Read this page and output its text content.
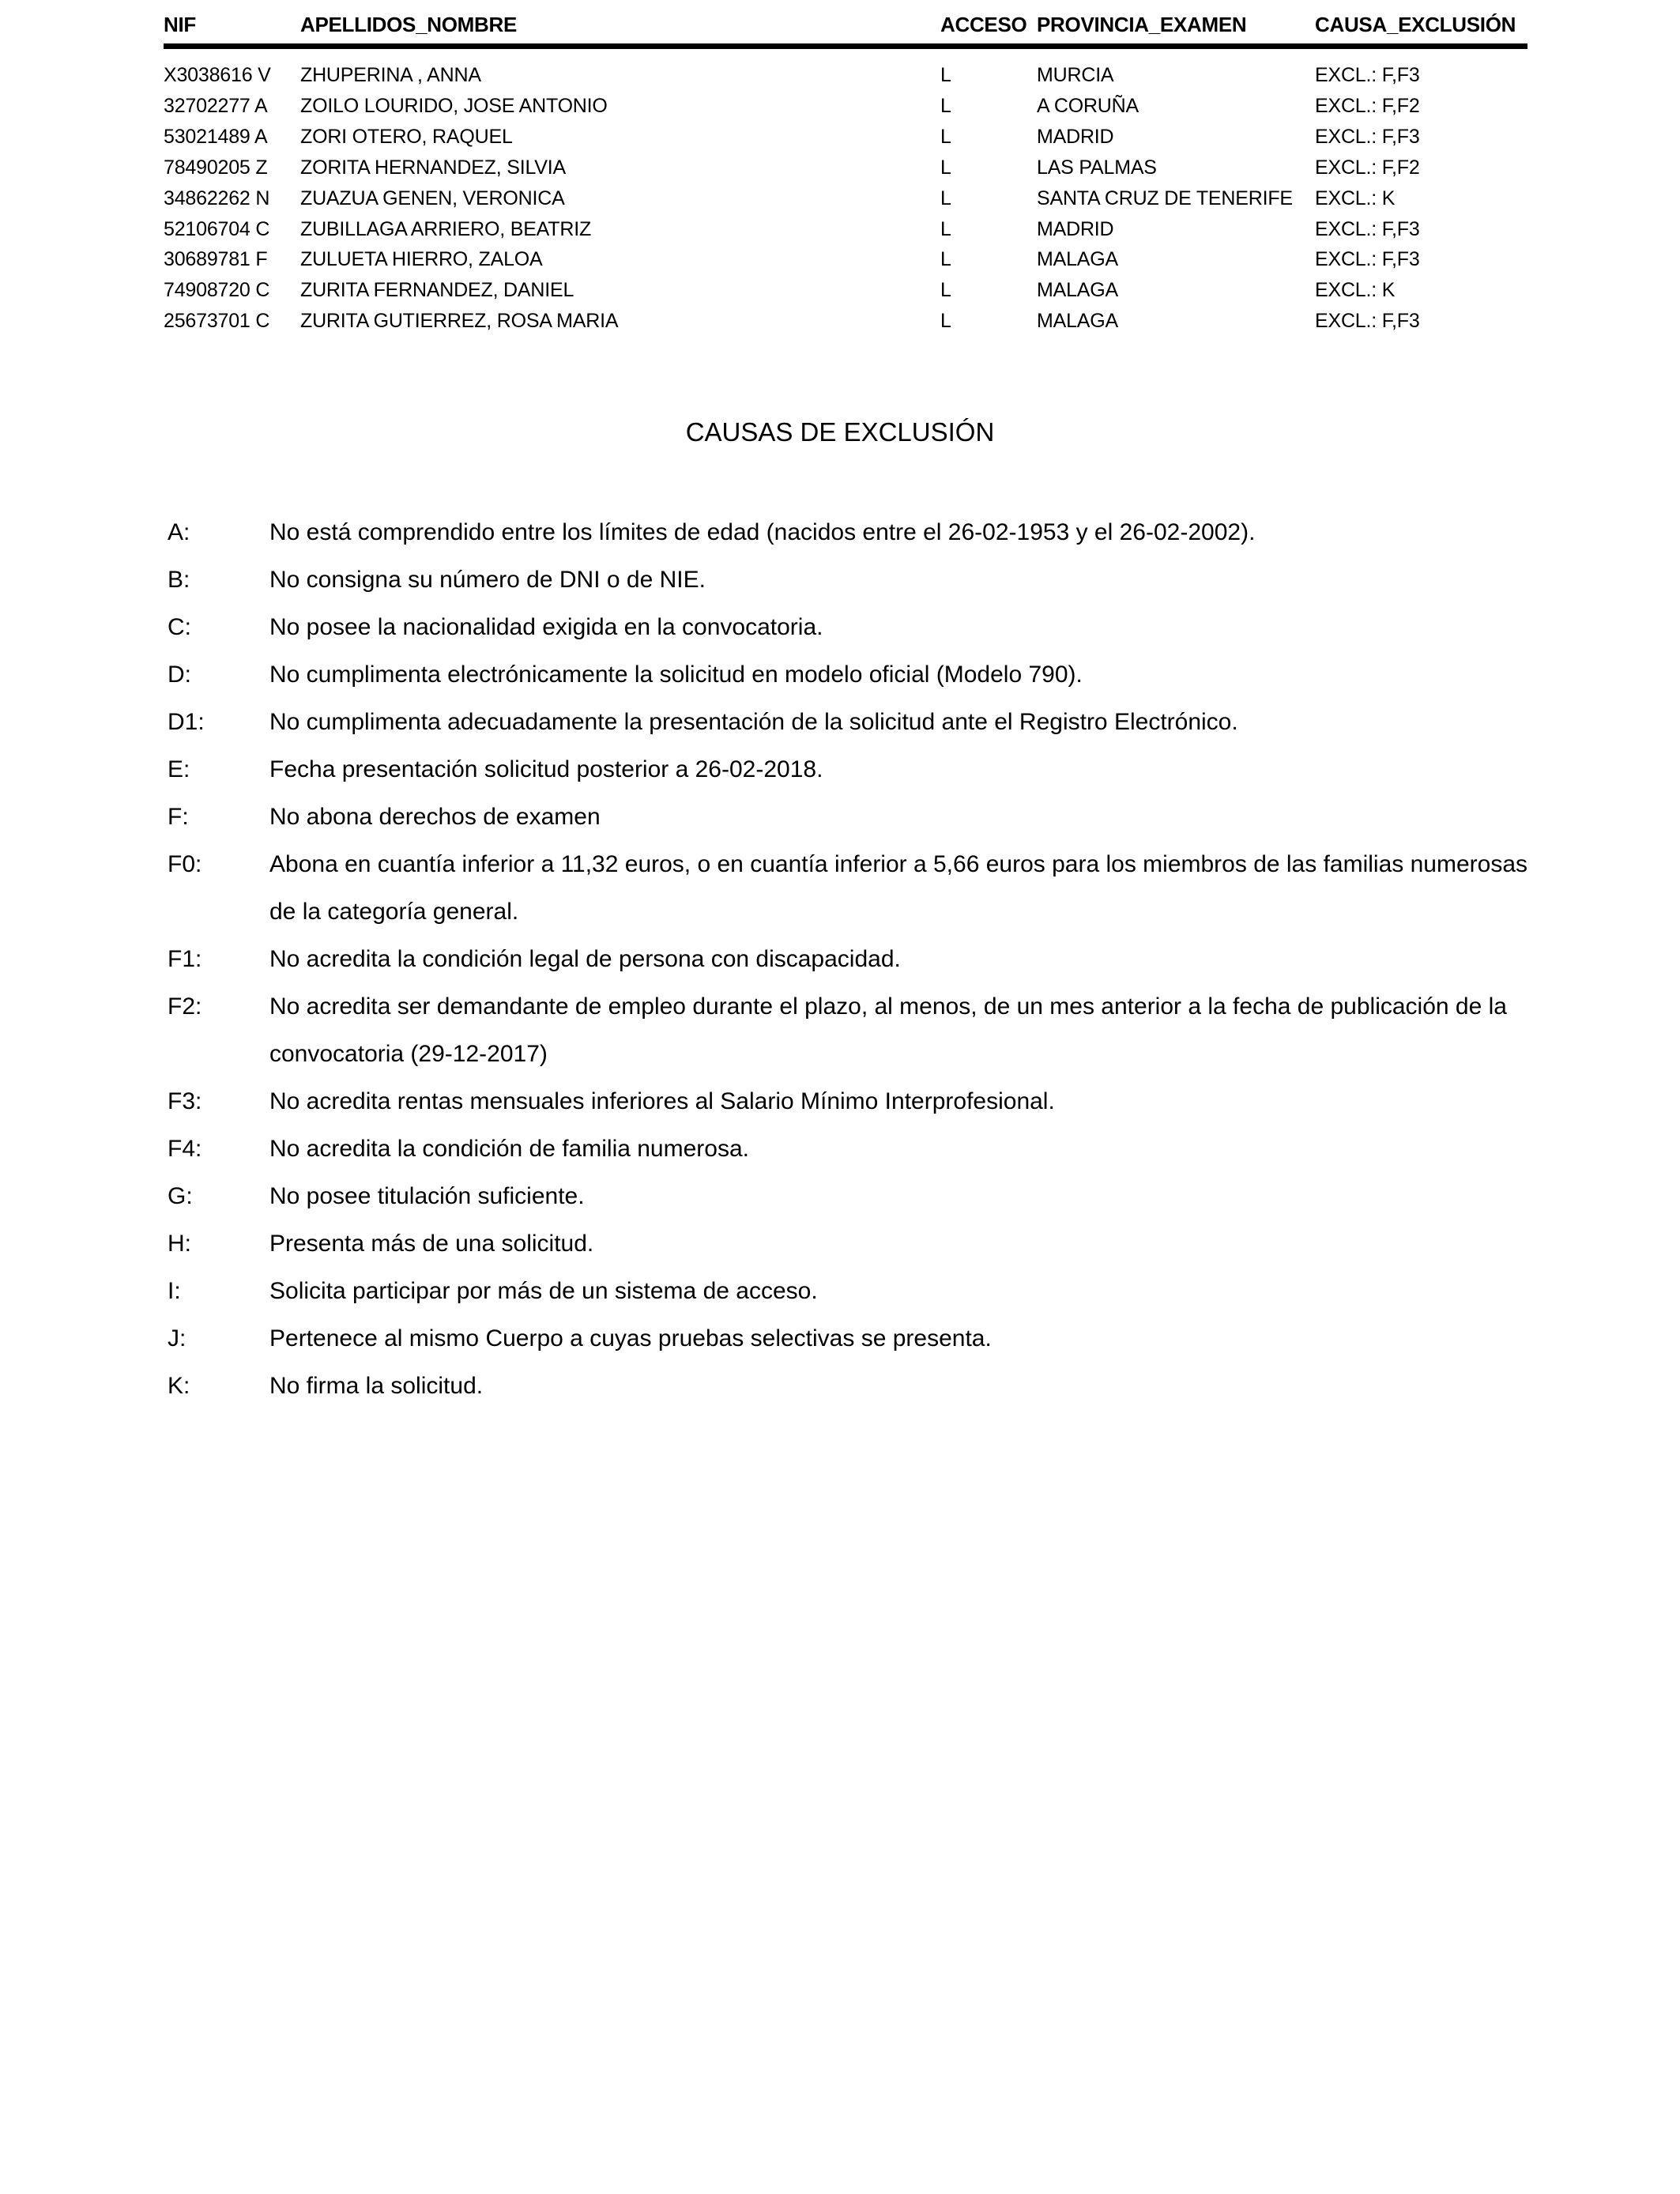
NIF	APELLIDOS_NOMBRE	ACCESO PROVINCIA_EXAMEN	CAUSA_EXCLUSIÓN
X3038616 V	ZHUPERINA , ANNA	L	MURCIA	EXCL.: F,F3
32702277 A	ZOILO LOURIDO, JOSE ANTONIO	L	A CORUÑA	EXCL.: F,F2
53021489 A	ZORI OTERO, RAQUEL	L	MADRID	EXCL.: F,F3
78490205 Z	ZORITA HERNANDEZ, SILVIA	L	LAS PALMAS	EXCL.: F,F2
34862262 N	ZUAZUA GENEN, VERONICA	L	SANTA CRUZ DE TENERIFE	EXCL.: K
52106704 C	ZUBILLAGA ARRIERO, BEATRIZ	L	MADRID	EXCL.: F,F3
30689781 F	ZULUETA HIERRO, ZALOA	L	MALAGA	EXCL.: F,F3
74908720 C	ZURITA FERNANDEZ, DANIEL	L	MALAGA	EXCL.: K
25673701 C	ZURITA GUTIERREZ, ROSA MARIA	L	MALAGA	EXCL.: F,F3
CAUSAS DE EXCLUSIÓN
A:	No está comprendido entre los límites de edad (nacidos entre el 26-02-1953 y el 26-02-2002).
B:	No consigna su número de DNI o de NIE.
C:	No posee la nacionalidad exigida en la convocatoria.
D:	No cumplimenta electrónicamente la solicitud en modelo oficial (Modelo 790).
D1:	No cumplimenta adecuadamente la presentación de la solicitud ante el Registro Electrónico.
E:	Fecha presentación solicitud posterior a 26-02-2018.
F:	No abona derechos de examen
F0:	Abona en cuantía inferior a 11,32 euros, o en cuantía inferior a 5,66 euros para los miembros de las familias numerosas de la categoría general.
F1:	No acredita la condición legal de persona con discapacidad.
F2:	No acredita ser demandante de empleo durante el plazo, al menos, de un mes anterior a la fecha de publicación de la convocatoria (29-12-2017)
F3:	No acredita rentas mensuales inferiores al Salario Mínimo Interprofesional.
F4:	No acredita la condición de familia numerosa.
G:	No posee titulación suficiente.
H:	Presenta más de una solicitud.
I:	Solicita participar por más de un sistema de acceso.
J:	Pertenece al mismo Cuerpo a cuyas pruebas selectivas se presenta.
K:	No firma la solicitud.
